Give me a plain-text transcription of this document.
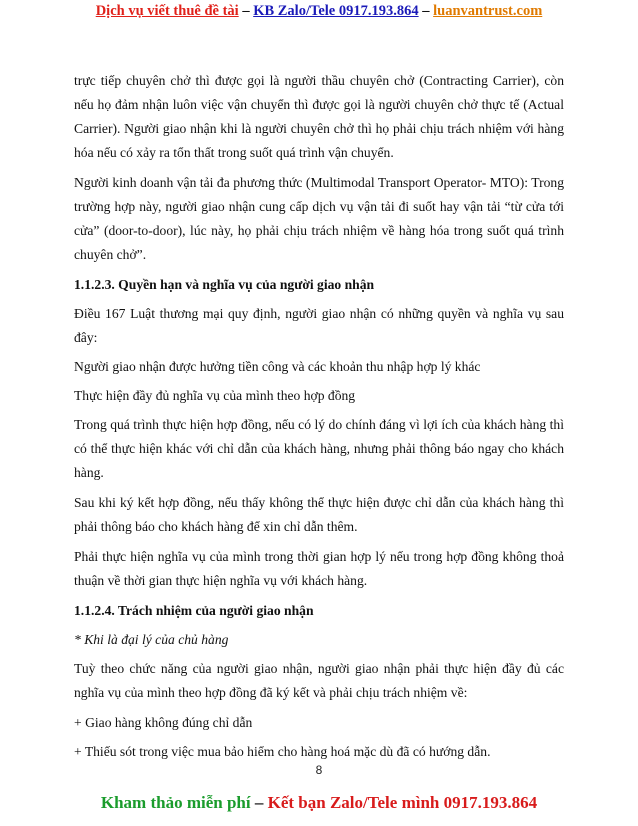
Dịch vụ viết thuê đề tài – KB Zalo/Tele 0917.193.864 – luanvantrust.com

trực tiếp chuyên chở thì được gọi là người thầu chuyên chở (Contracting Carrier), còn nếu họ đảm nhận luôn việc vận chuyển thì được gọi là người chuyên chở thực tế (Actual Carrier). Người giao nhận khi là người chuyên chở thì họ phải chịu trách nhiệm với hàng hóa nếu có xảy ra tổn thất trong suốt quá trình vận chuyển.

Người kinh doanh vận tải đa phương thức (Multimodal Transport Operator- MTO): Trong trường hợp này, người giao nhận cung cấp dịch vụ vận tải đi suốt hay vận tải “từ cửa tới cửa” (door-to-door), lúc này, họ phải chịu trách nhiệm về hàng hóa trong suốt quá trình chuyên chở”.

1.1.2.3. Quyền hạn và nghĩa vụ của người giao nhận

Điều 167 Luật thương mại quy định, người giao nhận có những quyền và nghĩa vụ sau đây:

Người giao nhận được hưởng tiền công và các khoản thu nhập hợp lý khác

Thực hiện đầy đủ nghĩa vụ của mình theo hợp đồng

Trong quá trình thực hiện hợp đồng, nếu có lý do chính đáng vì lợi ích của khách hàng thì có thể thực hiện khác với chỉ dẫn của khách hàng, nhưng phải thông báo ngay cho khách hàng.

Sau khi ký kết hợp đồng, nếu thấy không thể thực hiện được chỉ dẫn của khách hàng thì phải thông báo cho khách hàng để xin chỉ dẫn thêm.

Phải thực hiện nghĩa vụ của mình trong thời gian hợp lý nếu trong hợp đồng không thoả thuận về thời gian thực hiện nghĩa vụ với khách hàng.

1.1.2.4. Trách nhiệm của người giao nhận

* Khi là đại lý của chủ hàng

Tuỳ theo chức năng của người giao nhận, người giao nhận phải thực hiện đầy đủ các nghĩa vụ của mình theo hợp đồng đã ký kết và phải chịu trách nhiệm về:

+ Giao hàng không đúng chỉ dẫn

+ Thiếu sót trong việc mua bảo hiểm cho hàng hoá mặc dù đã có hướng dẫn.

8
Kham thảo miễn phí – Kết bạn Zalo/Tele mình 0917.193.864
